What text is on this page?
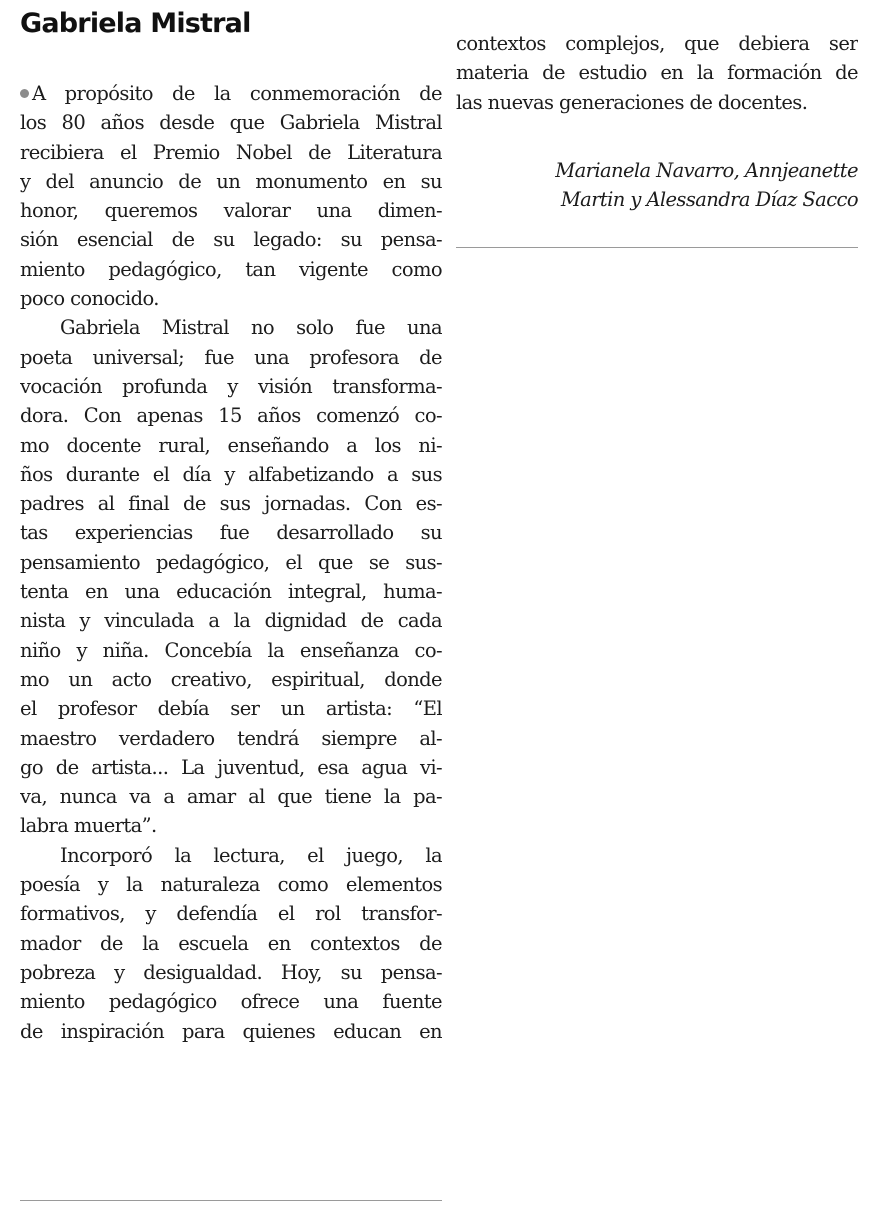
Gabriela Mistral
A propósito de la conmemoración de
los 80 años desde que Gabriela Mistral
recibiera el Premio Nobel de Literatura
y del anuncio de un monumento en su
honor, queremos valorar una dimen-
sión esencial de su legado: su pensa-
miento pedagógico, tan vigente como
poco conocido.
Gabriela Mistral no solo fue una
poeta universal; fue una profesora de
vocación profunda y visión transforma-
dora. Con apenas 15 años comenzó co-
mo docente rural, enseñando a los ni-
ños durante el día y alfabetizando a sus
padres al final de sus jornadas. Con es-
tas experiencias fue desarrollado su
pensamiento pedagógico, el que se sus-
tenta en una educación integral, huma-
nista y vinculada a la dignidad de cada
niño y niña. Concebía la enseñanza co-
mo un acto creativo, espiritual, donde
el profesor debía ser un artista: “El
maestro verdadero tendrá siempre al-
go de artista... La juventud, esa agua vi-
va, nunca va a amar al que tiene la pa-
labra muerta”.
Incorporó la lectura, el juego, la
poesía y la naturaleza como elementos
formativos, y defendía el rol transfor-
mador de la escuela en contextos de
pobreza y desigualdad. Hoy, su pensa-
miento pedagógico ofrece una fuente
de inspiración para quienes educan en
contextos complejos, que debiera ser
materia de estudio en la formación de
las nuevas generaciones de docentes.
Marianela Navarro, Annjeanette
Martin y Alessandra Díaz Sacco
